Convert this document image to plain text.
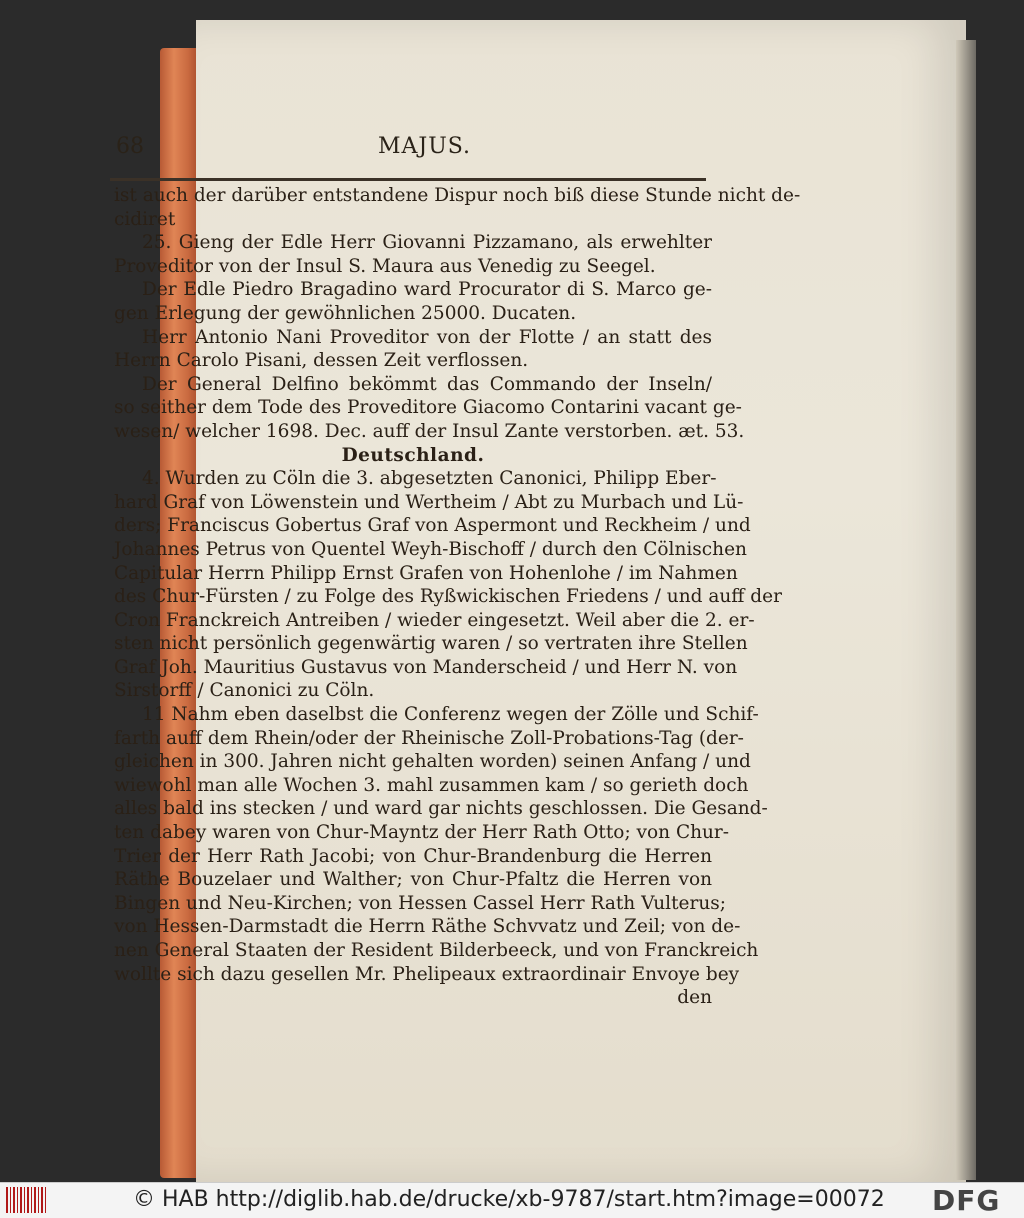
68	MAJUS.
ist auch der darüber entstandene Dispur noch biß diese Stunde nicht de-
cidiret
25. Gieng der Edle Herr Giovanni Pizzamano, als erwehlter
Proveditor von der Insul S. Maura aus Venedig zu Seegel.
Der Edle Piedro Bragadino ward Procurator di S. Marco ge-
gen Erlegung der gewöhnlichen 25000. Ducaten.
Herr Antonio Nani Proveditor von der Flotte / an statt des
Herrn Carolo Pisani, dessen Zeit verflossen.
Der General Delfino bekömmt das Commando der Inseln/
so seither dem Tode des Proveditore Giacomo Contarini vacant ge-
wesen/ welcher 1698. Dec. auff der Insul Zante verstorben. æt. 53.
Deutschland.
4. Wurden zu Cöln die 3. abgesetzten Canonici, Philipp Eber-
hard Graf von Löwenstein und Wertheim / Abt zu Murbach und Lü-
ders; Franciscus Gobertus Graf von Aspermont und Reckheim / und
Johannes Petrus von Quentel Weyh-Bischoff / durch den Cölnischen
Capitular Herrn Philipp Ernst Grafen von Hohenlohe / im Nahmen
des Chur-Fürsten / zu Folge des Ryßwickischen Friedens / und auff der
Cron Franckreich Antreiben / wieder eingesetzt. Weil aber die 2. er-
sten nicht persönlich gegenwärtig waren / so vertraten ihre Stellen
Graf Joh. Mauritius Gustavus von Manderscheid / und Herr N. von
Sirstorff / Canonici zu Cöln.
11 Nahm eben daselbst die Conferenz wegen der Zölle und Schif-
farth auff dem Rhein/oder der Rheinische Zoll-Probations-Tag (der-
gleichen in 300. Jahren nicht gehalten worden) seinen Anfang / und
wiewohl man alle Wochen 3. mahl zusammen kam / so gerieth doch
alles bald ins stecken / und ward gar nichts geschlossen. Die Gesand-
ten dabey waren von Chur-Mayntz der Herr Rath Otto; von Chur-
Trier der Herr Rath Jacobi; von Chur-Brandenburg die Herren
Räthe Bouzelaer und Walther; von Chur-Pfaltz die Herren von
Bingen und Neu-Kirchen; von Hessen Cassel Herr Rath Vulterus;
von Hessen-Darmstadt die Herrn Räthe Schvvatz und Zeil; von de-
nen General Staaten der Resident Bilderbeeck, und von Franckreich
wollte sich dazu gesellen Mr. Phelipeaux extraordinair Envoye bey
den
© HAB http://diglib.hab.de/drucke/xb-9787/start.htm?image=00072 DFG
